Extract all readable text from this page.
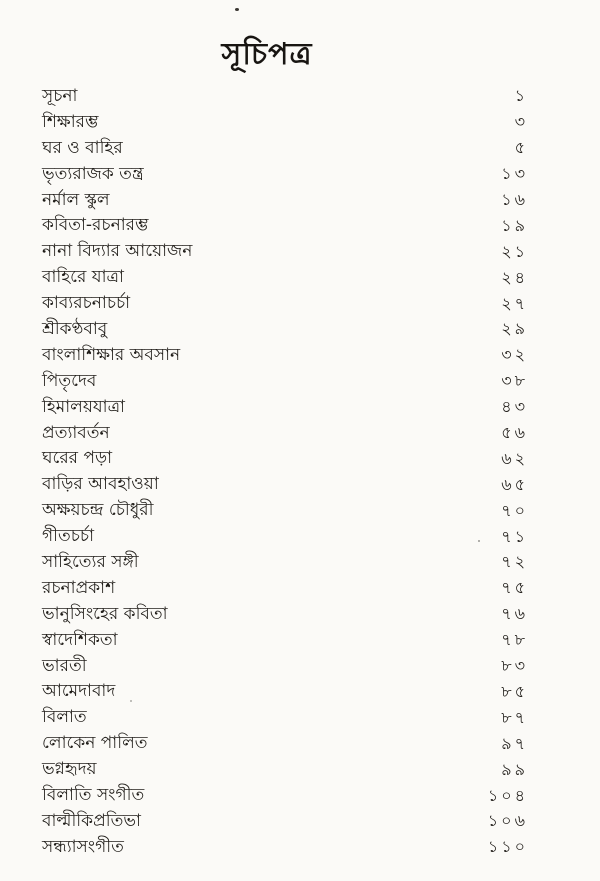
সূচিপত্র
সূচনা	১
শিক্ষারম্ভ	৩
ঘর ও বাহির	৫
ভৃত্যরাজক তন্ত্র	১৩
নর্মাল স্কুল	১৬
কবিতা-রচনারম্ভ	১৯
নানা বিদ্যার আয়োজন	২১
বাহিরে যাত্রা	২৪
কাব্যরচনাচর্চা	২৭
শ্রীকণ্ঠবাবু	২৯
বাংলাশিক্ষার অবসান	৩২
পিতৃদেব	৩৮
হিমালয়যাত্রা	৪৩
প্রত্যাবর্তন	৫৬
ঘরের পড়া	৬২
বাড়ির আবহাওয়া	৬৫
অক্ষয়চন্দ্র চৌধুরী	৭০
গীতচর্চা	৭১
সাহিত্যের সঙ্গী	৭২
রচনাপ্রকাশ	৭৫
ভানুসিংহের কবিতা	৭৬
স্বাদেশিকতা	৭৮
ভারতী	৮৩
আমেদাবাদ	৮৫
বিলাত	৮৭
লোকেন পালিত	৯৭
ভগ্নহৃদয়	৯৯
বিলাতি সংগীত	১০৪
বাল্মীকিপ্রতিভা	১০৬
সন্ধ্যাসংগীত	১১০
